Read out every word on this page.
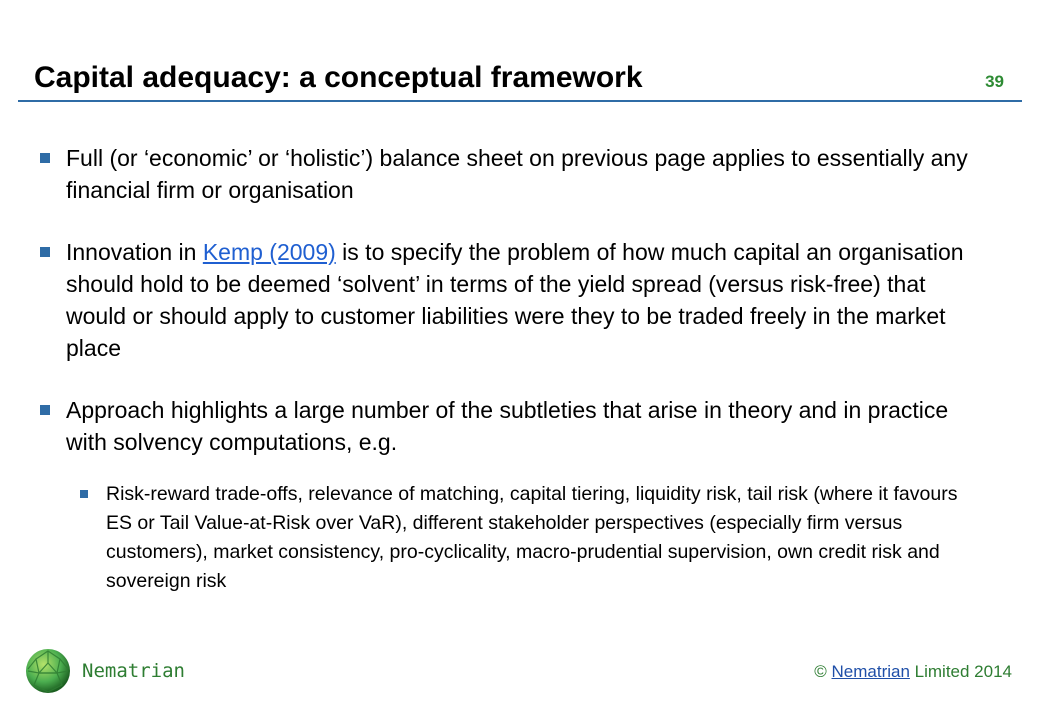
Capital adequacy: a conceptual framework	39
Full (or ‘economic’ or ‘holistic’) balance sheet on previous page applies to essentially any financial firm or organisation
Innovation in Kemp (2009) is to specify the problem of how much capital an organisation should hold to be deemed ‘solvent’ in terms of the yield spread (versus risk-free) that would or should apply to customer liabilities were they to be traded freely in the market place
Approach highlights a large number of the subtleties that arise in theory and in practice with solvency computations, e.g.
Risk-reward trade-offs, relevance of matching, capital tiering, liquidity risk, tail risk (where it favours ES or Tail Value-at-Risk over VaR), different stakeholder perspectives (especially firm versus customers), market consistency, pro-cyclicality, macro-prudential supervision, own credit risk and sovereign risk
Nematrian	© Nematrian Limited 2014
